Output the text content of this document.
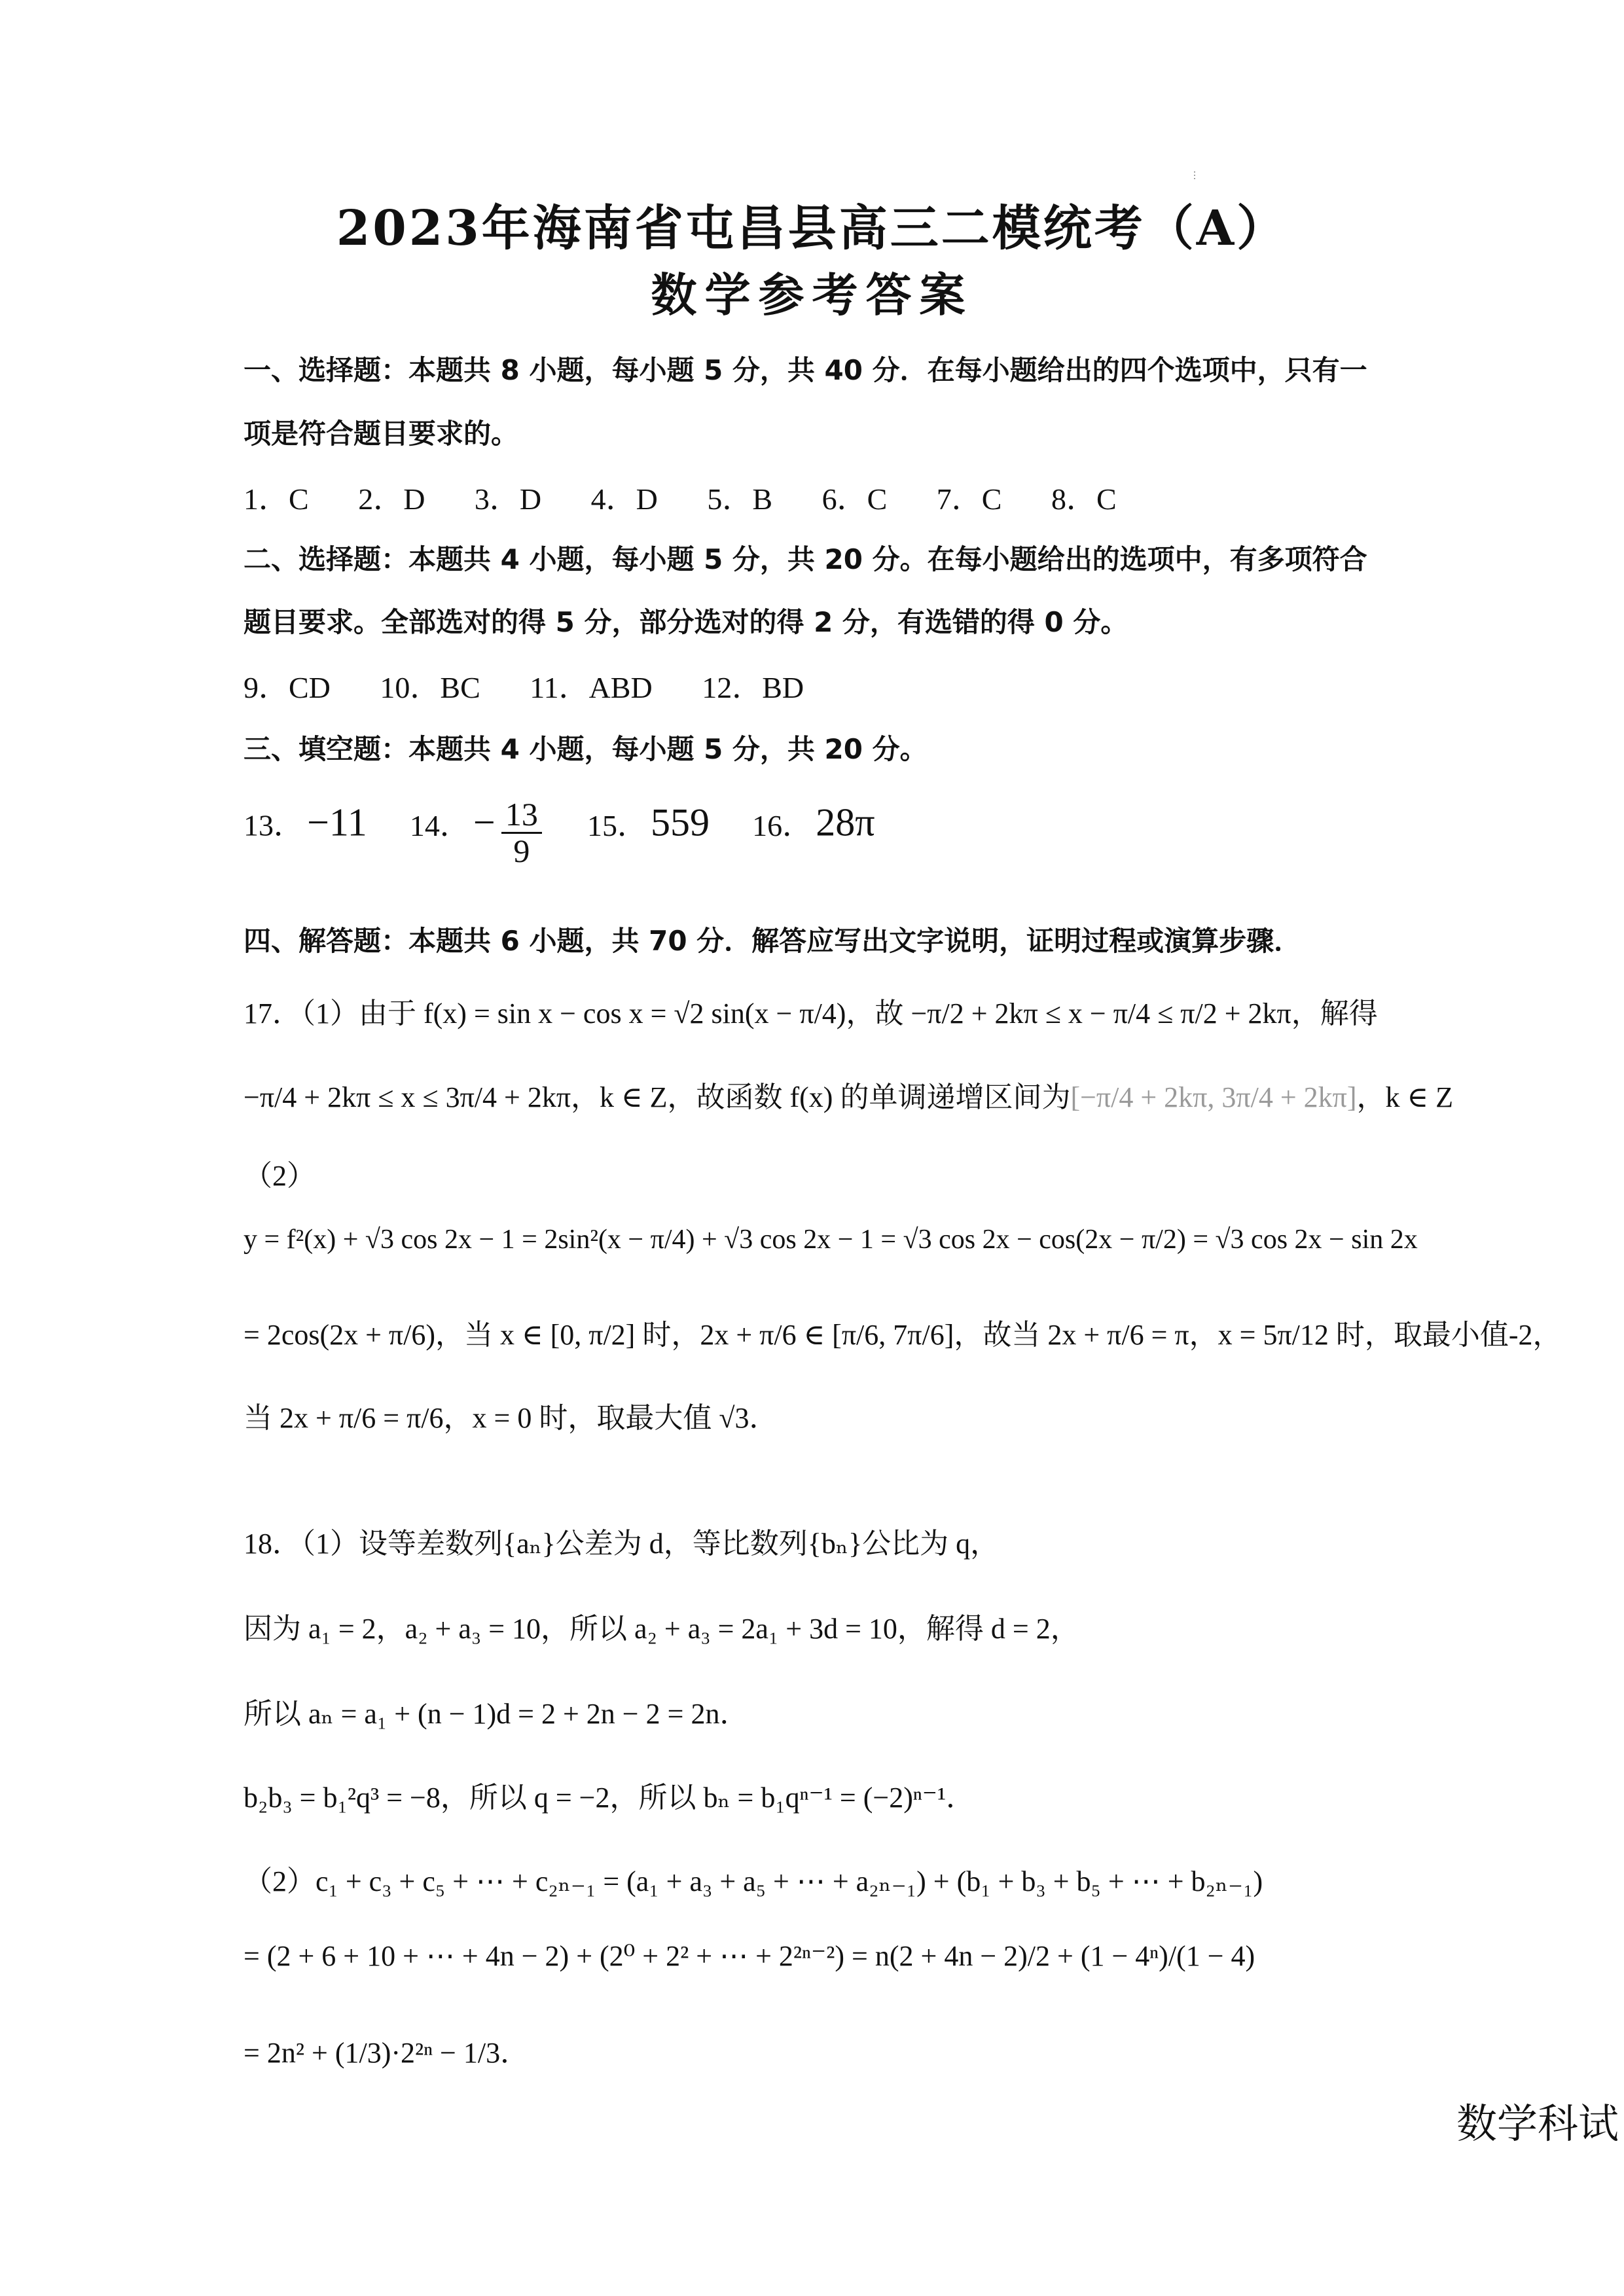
⋮
2023年海南省屯昌县高三二模统考（A）
数学参考答案
一、选择题：本题共 8 小题，每小题 5 分，共 40 分．在每小题给出的四个选项中，只有一
项是符合题目要求的。
1．C 2．D 3．D 4．D 5．B 6．C 7．C 8．C
二、选择题：本题共 4 小题，每小题 5 分，共 20 分。在每小题给出的选项中，有多项符合
题目要求。全部选对的得 5 分，部分选对的得 2 分，有选错的得 0 分。
9．CD 10．BC 11．ABD 12．BD
三、填空题：本题共 4 小题，每小题 5 分，共 20 分。
13． −11 14． − $\frac{13}{9} 15$． 559 16． 28π
四、解答题：本题共 6 小题，共 70 分．解答应写出文字说明，证明过程或演算步骤．
17．（1）由于 f(x) = sin x − cos x = √2 sin(x − π/4)，故 −π/2 + 2kπ ≤ x − π/4 ≤ π/2 + 2kπ，解得
−π/4 + 2kπ ≤ x ≤ 3π/4 + 2kπ，k ∈ Z，故函数 f(x) 的单调递增区间为[−π/4 + 2kπ, 3π/4 + 2kπ]，k ∈ Z
（2）
y = f²(x) + √3 cos 2x − 1 = 2sin²(x − π/4) + √3 cos 2x − 1 = √3 cos 2x − cos(2x − π/2) = √3 cos 2x − sin 2x
= 2cos(2x + π/6)，当 x ∈ [0, π/2] 时，2x + π/6 ∈ [π/6, 7π/6]，故当 2x + π/6 = π，x = 5π/12 时，取最小值-2，
当 2x + π/6 = π/6，x = 0 时，取最大值 √3．
18．（1）设等差数列{aₙ}公差为 d，等比数列{bₙ}公比为 q，
因为 a₁ = 2，a₂ + a₃ = 10，所以 a₂ + a₃ = 2a₁ + 3d = 10，解得 d = 2，
所以 aₙ = a₁ + (n − 1)d = 2 + 2n − 2 = 2n．
b₂b₃ = b₁²q³ = −8，所以 q = −2，所以 bₙ = b₁qⁿ⁻¹ = (−2)ⁿ⁻¹．
（2）c₁ + c₃ + c₅ + ⋯ + c₂ₙ₋₁ = (a₁ + a₃ + a₅ + ⋯ + a₂ₙ₋₁) + (b₁ + b₃ + b₅ + ⋯ + b₂ₙ₋₁)
= (2 + 6 + 10 + ⋯ + 4n − 2) + (2⁰ + 2² + ⋯ + 2²ⁿ⁻²) = n(2 + 4n − 2)/2 + (1 − 4ⁿ)/(1 − 4)
= 2n² + (1/3)·2²ⁿ − 1/3．
数学科试
